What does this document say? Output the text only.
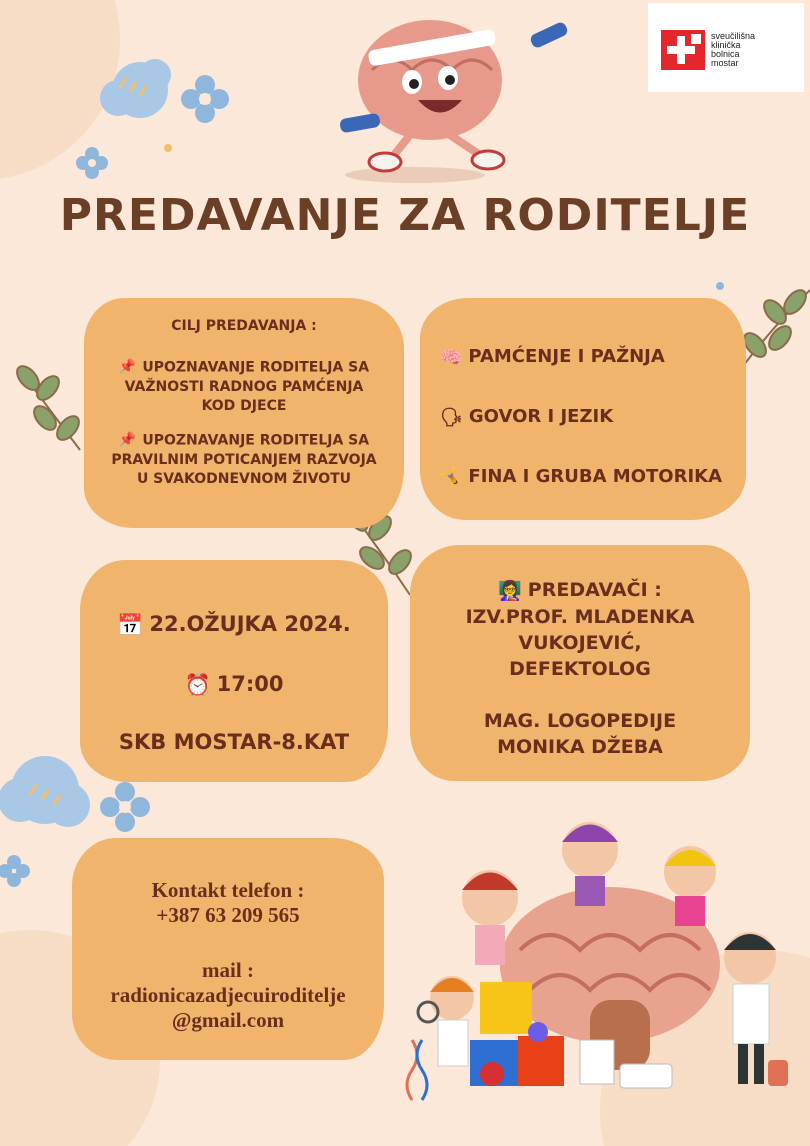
sveučilišna
klinička
bolnica
mostar
PREDAVANJE ZA RODITELJE
CILJ PREDAVANJA :
📌 UPOZNAVANJE RODITELJA SA
VAŽNOSTI RADNOG PAMĆENJA
KOD DJECE
📌 UPOZNAVANJE RODITELJA SA
PRAVILNIM POTICANJEM RAZVOJA
U SVAKODNEVNOM ŽIVOTU
🧠 PAMĆENJE I PAŽNJA
🗣 GOVOR I JEZIK
🤸 FINA I GRUBA MOTORIKA
📅 22.OŽUJKA 2024.
⏰ 17:00
SKB MOSTAR-8.KAT
👩‍🏫 PREDAVAČI :
IZV.PROF. MLADENKA
VUKOJEVIĆ,
DEFEKTOLOG
MAG. LOGOPEDIJE
MONIKA DŽEBA
Kontakt telefon :
+387 63 209 565
mail :
radionicazadjecuiroditelje
@gmail.com
